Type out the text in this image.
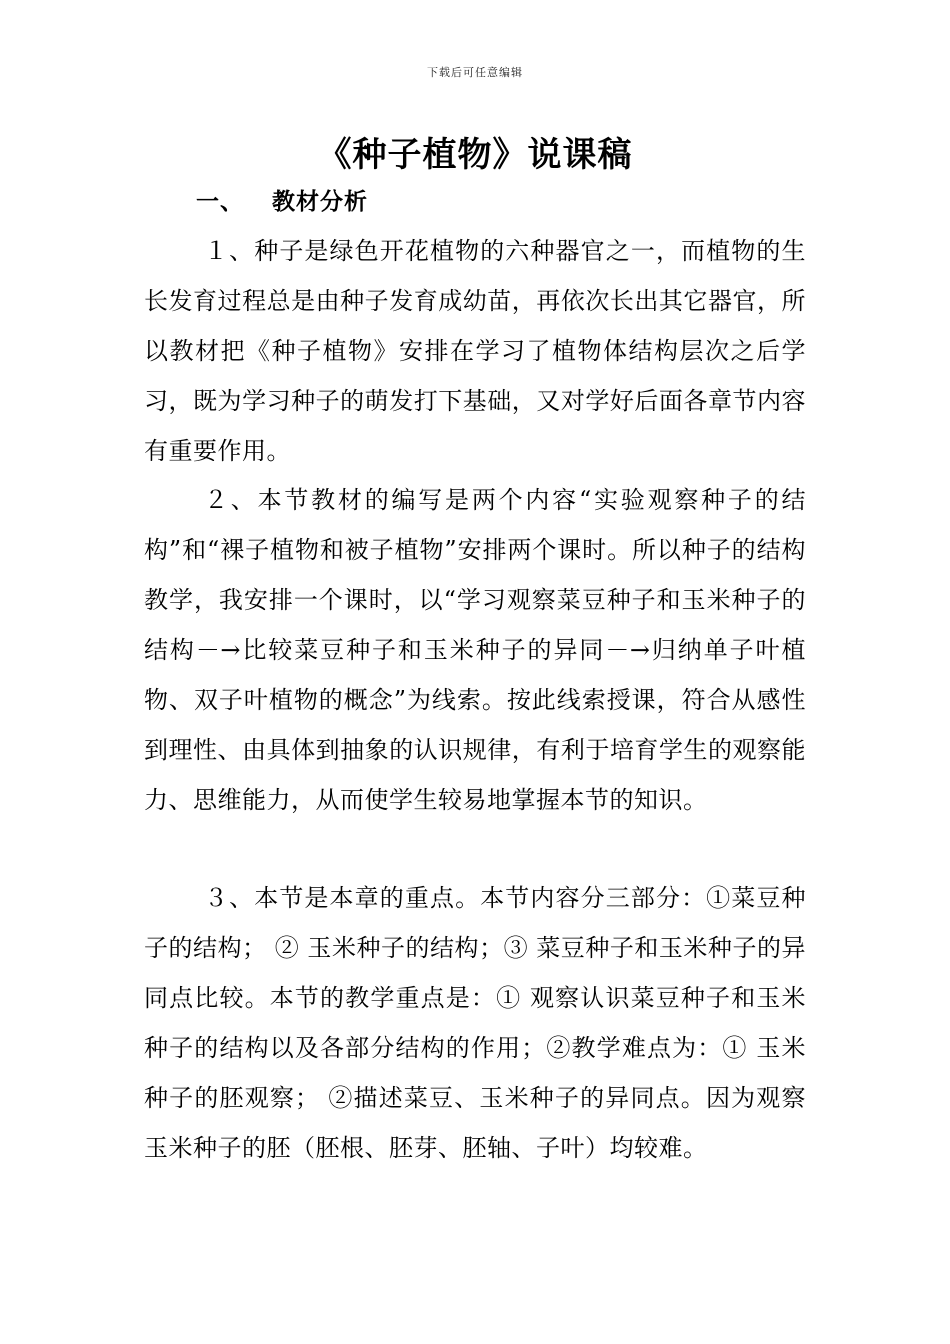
下载后可任意编辑
《种子植物》说课稿
一、 教材分析

１、种子是绿色开花植物的六种器官之一，而植物的生长发育过程总是由种子发育成幼苗，再依次长出其它器官，所以教材把《种子植物》安排在学习了植物体结构层次之后学习，既为学习种子的萌发打下基础，又对学好后面各章节内容有重要作用。

２、本节教材的编写是两个内容“实验观察种子的结构”和“裸子植物和被子植物”安排两个课时。所以种子的结构教学，我安排一个课时，以“学习观察菜豆种子和玉米种子的结构－→比较菜豆种子和玉米种子的异同－→归纳单子叶植物、双子叶植物的概念”为线索。按此线索授课，符合从感性到理性、由具体到抽象的认识规律，有利于培育学生的观察能力、思维能力，从而使学生较易地掌握本节的知识。

３、本节是本章的重点。本节内容分三部分：①菜豆种子的结构； ② 玉米种子的结构；③ 菜豆种子和玉米种子的异同点比较。本节的教学重点是：① 观察认识菜豆种子和玉米种子的结构以及各部分结构的作用；②教学难点为：① 玉米种子的胚观察； ②描述菜豆、玉米种子的异同点。因为观察玉米种子的胚（胚根、胚芽、胚轴、子叶）均较难。
